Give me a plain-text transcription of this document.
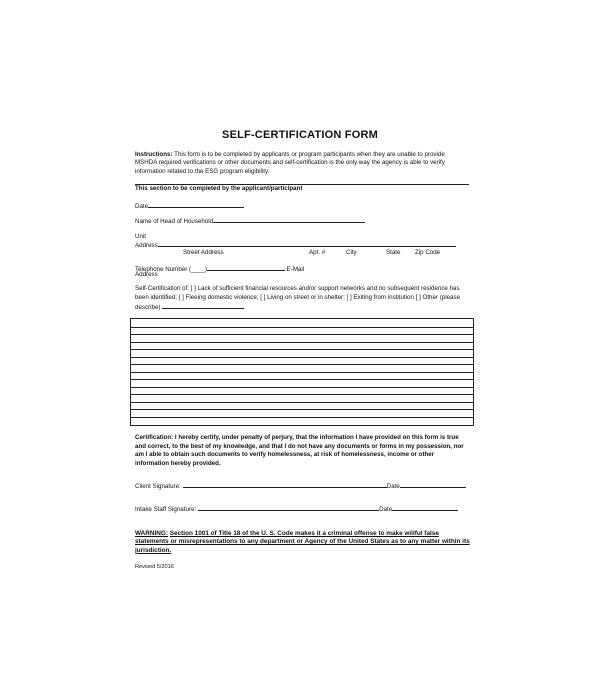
SELF-CERTIFICATION FORM
Instructions: This form is to be completed by applicants or program participants when they are unable to provide MSHDA required verifications or other documents and self-certification is the only way the agency is able to verify information related to the ESG program eligibility.
This section to be completed by the applicant/participant
Date
Name of Head of Household
Unit
Address
Street Address	Apt. #	City	State Zip Code
Telephone Number (____)	E-Mail
Address
Self-Certification of: [ ] Lack of sufficient financial resources and/or support networks and no subsequent residence has been identified; [ ] Fleeing domestic violence; [ ] Living on street or in shelter; [ ] Exiting from institution [ ] Other (please describe)
Certification: I hereby certify, under penalty of perjury, that the information I have provided on this form is true and correct, to the best of my knowledge, and that I do not have any documents or forms in my possession, nor am I able to obtain such documents to verify homelessness, at risk of homelessness, income or other information hereby provided.
Client Signature:	Date
Intake Staff Signature:	Date
WARNING: Section 1001 of Title 18 of the U. S. Code makes it a criminal offense to make willful false statements or misrepresentations to any department or Agency of the United States as to any matter within its jurisdiction.
Revised 5/2016
